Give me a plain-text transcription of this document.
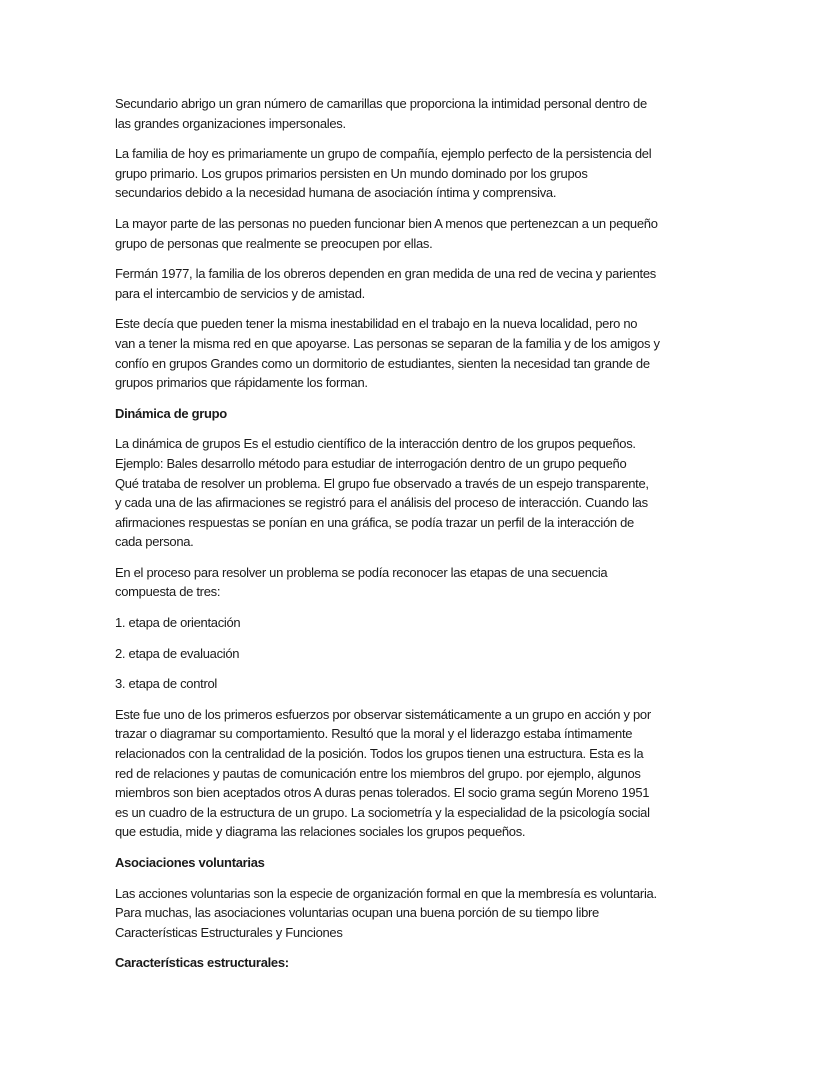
Secundario abrigo un gran número de camarillas que proporciona la intimidad personal dentro de
las grandes organizaciones impersonales.
La familia de hoy es primariamente un grupo de compañía, ejemplo perfecto de la persistencia del
grupo primario. Los grupos primarios persisten en Un mundo dominado por los grupos
secundarios debido a la necesidad humana de asociación íntima y comprensiva.
La mayor parte de las personas no pueden funcionar bien A menos que pertenezcan a un pequeño
grupo de personas que realmente se preocupen por ellas.
Fermán 1977, la familia de los obreros dependen en gran medida de una red de vecina y parientes
para el intercambio de servicios y de amistad.
Este decía que pueden tener la misma inestabilidad en el trabajo en la nueva localidad, pero no
van a tener la misma red en que apoyarse. Las personas se separan de la familia y de los amigos y
confío en grupos Grandes como un dormitorio de estudiantes, sienten la necesidad tan grande de
grupos primarios que rápidamente los forman.
Dinámica de grupo
La dinámica de grupos Es el estudio científico de la interacción dentro de los grupos pequeños.
Ejemplo: Bales desarrollo método para estudiar de interrogación dentro de un grupo pequeño
Qué trataba de resolver un problema. El grupo fue observado a través de un espejo transparente,
y cada una de las afirmaciones se registró para el análisis del proceso de interacción. Cuando las
afirmaciones respuestas se ponían en una gráfica, se podía trazar un perfil de la interacción de
cada persona.
En el proceso para resolver un problema se podía reconocer las etapas de una secuencia
compuesta de tres:
1. etapa de orientación
2. etapa de evaluación
3. etapa de control
Este fue uno de los primeros esfuerzos por observar sistemáticamente a un grupo en acción y por
trazar o diagramar su comportamiento. Resultó que la moral y el liderazgo estaba íntimamente
relacionados con la centralidad de la posición. Todos los grupos tienen una estructura. Esta es la
red de relaciones y pautas de comunicación entre los miembros del grupo. por ejemplo, algunos
miembros son bien aceptados otros A duras penas tolerados. El socio grama según Moreno 1951
es un cuadro de la estructura de un grupo. La sociometría y la especialidad de la psicología social
que estudia, mide y diagrama las relaciones sociales los grupos pequeños.
Asociaciones voluntarias
Las acciones voluntarias son la especie de organización formal en que la membresía es voluntaria.
Para muchas, las asociaciones voluntarias ocupan una buena porción de su tiempo libre
Características Estructurales y Funciones
Características estructurales:
